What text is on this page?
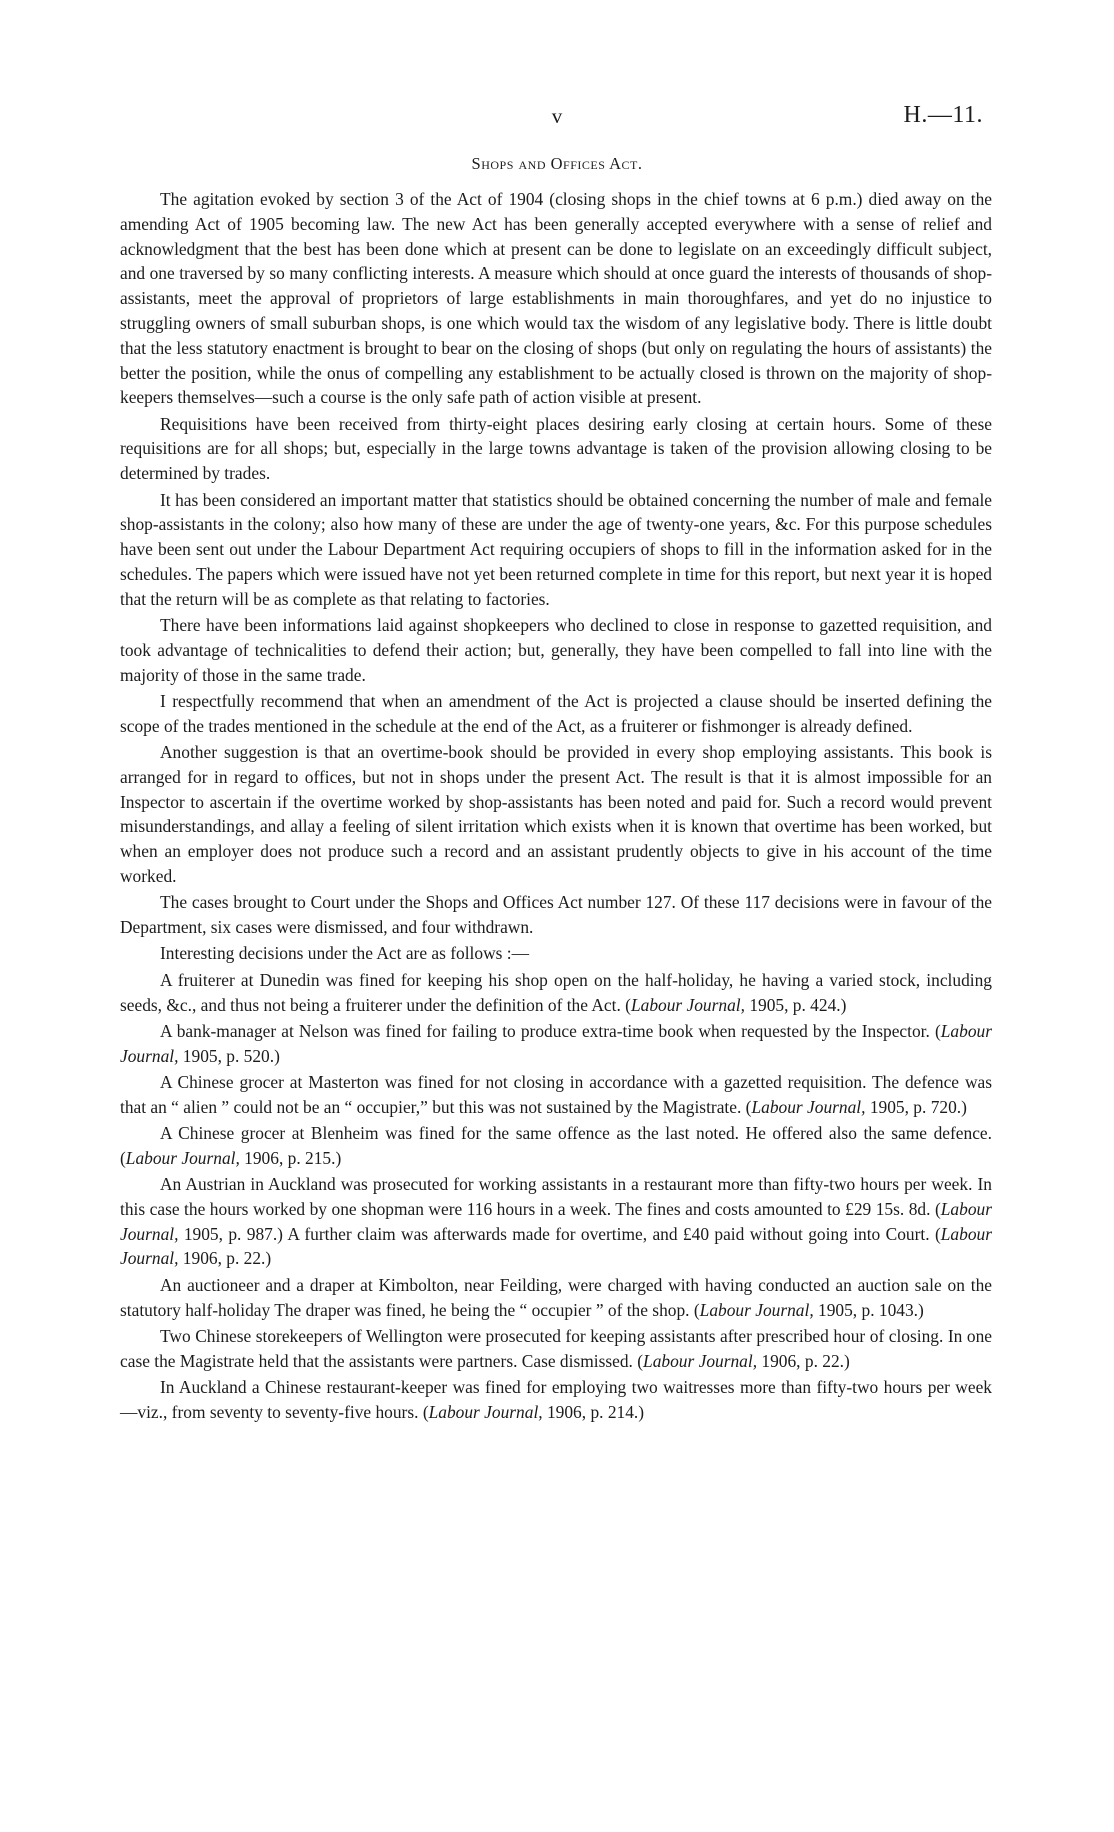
v	H.—11.
Shops and Offices Act.

The agitation evoked by section 3 of the Act of 1904 (closing shops in the chief towns at 6 p.m.) died away on the amending Act of 1905 becoming law. The new Act has been generally accepted everywhere with a sense of relief and acknowledgment that the best has been done which at present can be done to legislate on an exceedingly difficult subject, and one traversed by so many conflicting interests. A measure which should at once guard the interests of thousands of shop-assistants, meet the approval of proprietors of large establishments in main thoroughfares, and yet do no injustice to struggling owners of small suburban shops, is one which would tax the wisdom of any legislative body. There is little doubt that the less statutory enactment is brought to bear on the closing of shops (but only on regulating the hours of assistants) the better the position, while the onus of compelling any establishment to be actually closed is thrown on the majority of shop-keepers themselves—such a course is the only safe path of action visible at present.

Requisitions have been received from thirty-eight places desiring early closing at certain hours. Some of these requisitions are for all shops; but, especially in the large towns advantage is taken of the provision allowing closing to be determined by trades.

It has been considered an important matter that statistics should be obtained concerning the number of male and female shop-assistants in the colony; also how many of these are under the age of twenty-one years, &c. For this purpose schedules have been sent out under the Labour Department Act requiring occupiers of shops to fill in the information asked for in the schedules. The papers which were issued have not yet been returned complete in time for this report, but next year it is hoped that the return will be as complete as that relating to factories.

There have been informations laid against shopkeepers who declined to close in response to gazetted requisition, and took advantage of technicalities to defend their action; but, generally, they have been compelled to fall into line with the majority of those in the same trade.

I respectfully recommend that when an amendment of the Act is projected a clause should be inserted defining the scope of the trades mentioned in the schedule at the end of the Act, as a fruiterer or fishmonger is already defined.

Another suggestion is that an overtime-book should be provided in every shop employing assistants. This book is arranged for in regard to offices, but not in shops under the present Act. The result is that it is almost impossible for an Inspector to ascertain if the overtime worked by shop-assistants has been noted and paid for. Such a record would prevent misunderstandings, and allay a feeling of silent irritation which exists when it is known that overtime has been worked, but when an employer does not produce such a record and an assistant prudently objects to give in his account of the time worked.

The cases brought to Court under the Shops and Offices Act number 127. Of these 117 decisions were in favour of the Department, six cases were dismissed, and four withdrawn.

Interesting decisions under the Act are as follows :—

A fruiterer at Dunedin was fined for keeping his shop open on the half-holiday, he having a varied stock, including seeds, &c., and thus not being a fruiterer under the definition of the Act. (Labour Journal, 1905, p. 424.)

A bank-manager at Nelson was fined for failing to produce extra-time book when requested by the Inspector. (Labour Journal, 1905, p. 520.)

A Chinese grocer at Masterton was fined for not closing in accordance with a gazetted requisition. The defence was that an “ alien ” could not be an “ occupier,” but this was not sustained by the Magistrate. (Labour Journal, 1905, p. 720.)

A Chinese grocer at Blenheim was fined for the same offence as the last noted. He offered also the same defence. (Labour Journal, 1906, p. 215.)

An Austrian in Auckland was prosecuted for working assistants in a restaurant more than fifty-two hours per week. In this case the hours worked by one shopman were 116 hours in a week. The fines and costs amounted to £29 15s. 8d. (Labour Journal, 1905, p. 987.) A further claim was afterwards made for overtime, and £40 paid without going into Court. (Labour Journal, 1906, p. 22.)

An auctioneer and a draper at Kimbolton, near Feilding, were charged with having conducted an auction sale on the statutory half-holiday The draper was fined, he being the “ occupier ” of the shop. (Labour Journal, 1905, p. 1043.)

Two Chinese storekeepers of Wellington were prosecuted for keeping assistants after prescribed hour of closing. In one case the Magistrate held that the assistants were partners. Case dismissed. (Labour Journal, 1906, p. 22.)

In Auckland a Chinese restaurant-keeper was fined for employing two waitresses more than fifty-two hours per week—viz., from seventy to seventy-five hours. (Labour Journal, 1906, p. 214.)
